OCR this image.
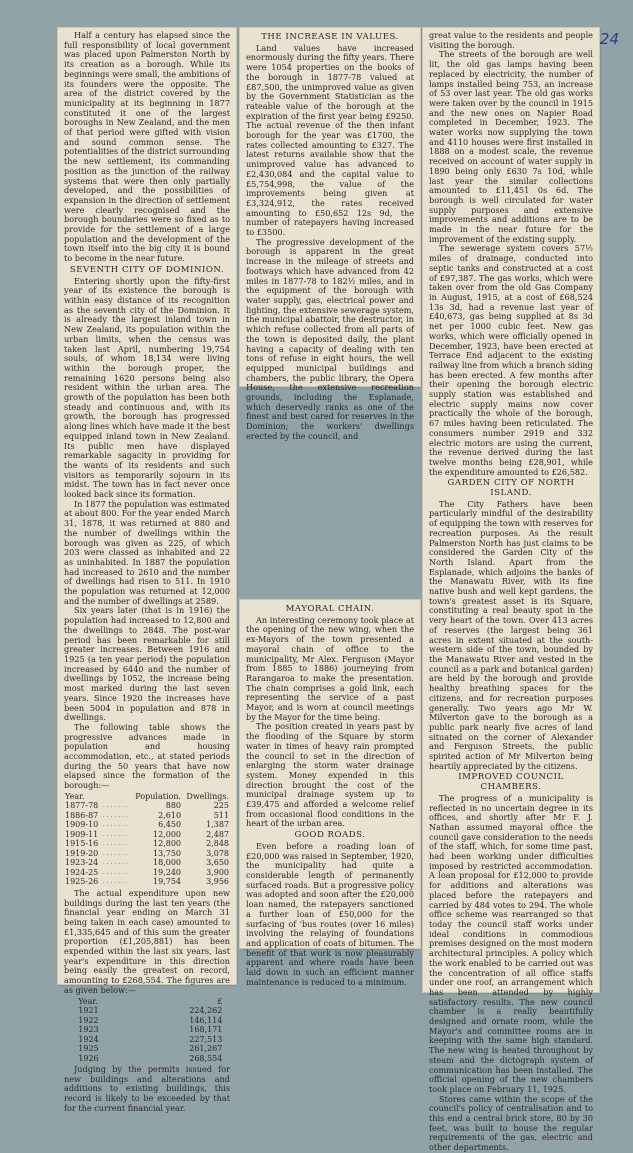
24

Half a century has elapsed since the full responsibility of local government was placed upon Palmerston North by its creation as a borough. While its beginnings were small, the ambitions of its founders were the opposite. The area of the district covered by the municipality at its beginning in 1877 constituted it one of the largest boroughs in New Zealand, and the men of that period were gifted with vision and sound common sense. The potentialities of the district surrounding the new settlement, its commanding position as the junction of the railway systems that were then only partially developed, and the possibilities of expansion in the direction of settlement were clearly recognised and the borough boundaries were so fixed as to provide for the settlement of a large population and the development of the town itself into the big city it is bound to become in the near future.

SEVENTH CITY OF DOMINION.

Entering shortly upon the fifty-first year of its existence the borough is within easy distance of its recognition as the seventh city of the Dominion. It is already the largest inland town in New Zealand, its population within the urban limits, when the census was taken last April, numbering 19,754 souls, of whom 18,134 were living within the borough proper, the remaining 1620 persons being also resident within the urban area. The growth of the population has been both steady and continuous and, with its growth, the borough has progressed along lines which have made it the best equipped inland town in New Zealand. Its public men have displayed remarkable sagacity in providing for the wants of its residents and such visitors as temporarily sojourn in its midst. The town has in fact never once looked back since its formation.

In 1877 the population was estimated at about 800. For the year ended March 31, 1878, it was returned at 880 and the number of dwellings within the borough was given as 225, of which 203 were classed as inhabited and 22 as uninhabited. In 1887 the population had increased to 2610 and the number of dwellings had risen to 511. In 1910 the population was returned at 12,000 and the number of dwellings at 2589.

Six years later (that is in 1916) the population had increased to 12,800 and the dwellings to 2848. The post-war period has been remarkable for still greater increases. Between 1916 and 1925 (a ten year period) the population increased by 6440 and the number of dwellings by 1052, the increase being most marked during the last seven years. Since 1920 the increases have been 5004 in population and 878 in dwellings.

The following table shows the progressive advances made in population and housing accommodation, etc., at stated periods during the 50 years that have now elapsed since the formation of the borough:—

Year.		Population.	Dwellings.
1877-78	. . . . . . .	880	225
1886-87	. . . . . . .	2,610	511
1909-10	. . . . . . .	6,450	1,387
1909-11	. . . . . . .	12,000	2,487
1915-16	. . . . . . .	12,800	2,848
1919-20	. . . . . . .	13,750	3,078
1923-24	. . . . . . .	18,000	3,650
1924-25	. . . . . . .	19,240	3,900
1925-26	. . . . . . .	19,754	3,956

The actual expenditure upon new buildings during the last ten years (the financial year ending on March 31 being taken in each case) amounted to £1,335,645 and of this sum the greater proportion (£1,205,881) has been expended within the last six years, last year's expenditure in this direction being easily the greatest on record, amounting to £268,554. The figures are as given below:—

Year.	£
1921	224,262
1922	146,114
1923	168,171
1924	227,513
1925	261,267
1926	268,554

Judging by the permits issued for new buildings and alterations and additions to existing buildings, this record is likely to be exceeded by that for the current financial year.

THE INCREASE IN VALUES.

Land values have increased enormously during the fifty years. There were 1054 properties on the books of the borough in 1877-78 valued at £87,500, the unimproved value as given by the Government Statistician as the rateable value of the borough at the expiration of the first year being £9250. The actual revenue of the then infant borough for the year was £1700, the rates collected amounting to £327. The latest returns available show that the unimproved value has advanced to £2,430,084 and the capital value to £5,754,998, the value of the improvements being given at £3,324,912, the rates received amounting to £50,652 12s 9d, the number of ratepayers having increased to £3500.

The progressive development of the borough is apparent in the great increase in the mileage of streets and footways which have advanced from 42 miles in 1877-78 to 182½ miles, and in the equipment of the borough with water supply, gas, electrical power and lighting, the extensive sewerage system, the municipal abattoir, the destructor, in which refuse collected from all parts of the town is deposited daily, the plant having a capacity of dealing with ten tons of refuse in eight hours, the well equipped municipal buildings and chambers, the public library, the Opera House, the extensive recreation grounds, including the Esplanade, which deservedly ranks as one of the finest and best cared for reserves in the Dominion; the workers' dwellings erected by the council, and

MAYORAL CHAIN.

An interesting ceremony took place at the opening of the new wing, when the ex-Mayors of the town presented a mayoral chain of office to the municipality, Mr Alex. Ferguson (Mayor from 1885 to 1886) journeying from Rarangaroa to make the presentation. The chain comprises a gold link, each representing the service of a past Mayor, and is worn at council meetings by the Mayor for the time being.

The position created in years past by the flooding of the Square by storm water in times of heavy rain prompted the council to set in the direction of enlarging the storm water drainage system. Money expended in this direction brought the cost of the municipal drainage system up to £39,475 and afforded a welcome relief from occasional flood conditions in the heart of the urban area.

GOOD ROADS.

Even before a roading loan of £20,000 was raised in September, 1920, the municipality had quite a considerable length of permanently surfaced roads. But a progressive policy was adopted and soon after the £20,000 loan named, the ratepayers sanctioned a further loan of £50,000 for the surfacing of 'bus routes (over 16 miles) involving the relaying of foundations and application of coats of bitumen. The benefit of that work is now pleasurably apparent and where roads have been laid down in such an efficient manner maintenance is reduced to a minimum.

great value to the residents and people visiting the borough.

The streets of the borough are well lit, the old gas lamps having been replaced by electricity, the number of lamps installed being 753, an increase of 53 over last year. The old gas works were taken over by the council in 1915 and the new ones on Napier Road completed in December, 1923. The water works now supplying the town and 4110 houses were first installed in 1888 on a modest scale, the revenue received on account of water supply in 1890 being only £630 7s 10d, while last year the similar collections amounted to £11,451 0s 6d. The borough is well circulated for water supply purposes and extensive improvements and additions are to be made in the near future for the improvement of the existing supply.

The sewerage system covers 57½ miles of drainage, conducted into septic tanks and constructed at a cost of £97,387. The gas works, which were taken over from the old Gas Company in August, 1915, at a cost of £68,524 13s 3d, had a revenue last year of £40,673, gas being supplied at 8s 3d net per 1000 cubic feet. New gas works, which were officially opened in December, 1923, have been erected at Terrace End adjacent to the existing railway line from which a branch siding has been erected. A few months after their opening the borough electric supply station was established and electric supply mains now cover practically the whole of the borough, 67 miles having been reticulated. The consumers number 2919 and 332 electric motors are using the current, the revenue derived during the last twelve months being £28,901, while the expenditure amounted to £26,582.

GARDEN CITY OF NORTH ISLAND.

The City Fathers have been particularly mindful of the desirability of equipping the town with reserves for recreation purposes. As the result Palmerston North has just claims to be considered the Garden City of the North Island. Apart from the Esplanade, which adjoins the banks of the Manawatu River, with its fine native bush and well kept gardens, the town's greatest asset is its Square, constituting a real beauty spot in the very heart of the town. Over 413 acres of reserves (the largest being 361 acres in extent situated at the south-western side of the town, bounded by the Manawatu River and vested in the council as a park and botanical garden) are held by the borough and provide healthy breathing spaces for the citizens, and for recreation purposes generally. Two years ago Mr W. Milverton gave to the borough as a public park nearly five acres of land situated on the corner of Alexander and Ferguson Streets, the public spirited action of Mr Milverton being heartily appreciated by the citizens.

IMPROVED COUNCIL CHAMBERS.

The progress of a municipality is reflected in no uncertain degree in its offices, and shortly after Mr F. J. Nathan assumed mayoral office the council gave consideration to the needs of the staff, which, for some time past, had been working under difficulties imposed by restricted accommodation. A loan proposal for £12,000 to provide for additions and alterations was placed before the ratepayers and carried by 484 votes to 294. The whole office scheme was rearranged so that today the council staff works under ideal conditions in commodious premises designed on the most modern architectural principles. A policy which the work enabled to be carried out was the concentration of all office staffs under one roof, an arrangement which has been attended by highly satisfactory results. The new council chamber is a really beautifully designed and ornate room, while the Mayor's and committee rooms are in keeping with the same high standard. The new wing is heated throughout by steam and the dictograph system of communication has been installed. The official opening of the new chambers took place on February 11, 1925.

Stores came within the scope of the council's policy of centralisation and to this end a central brick store, 80 by 30 feet, was built to house the regular requirements of the gas, electric and other departments.
